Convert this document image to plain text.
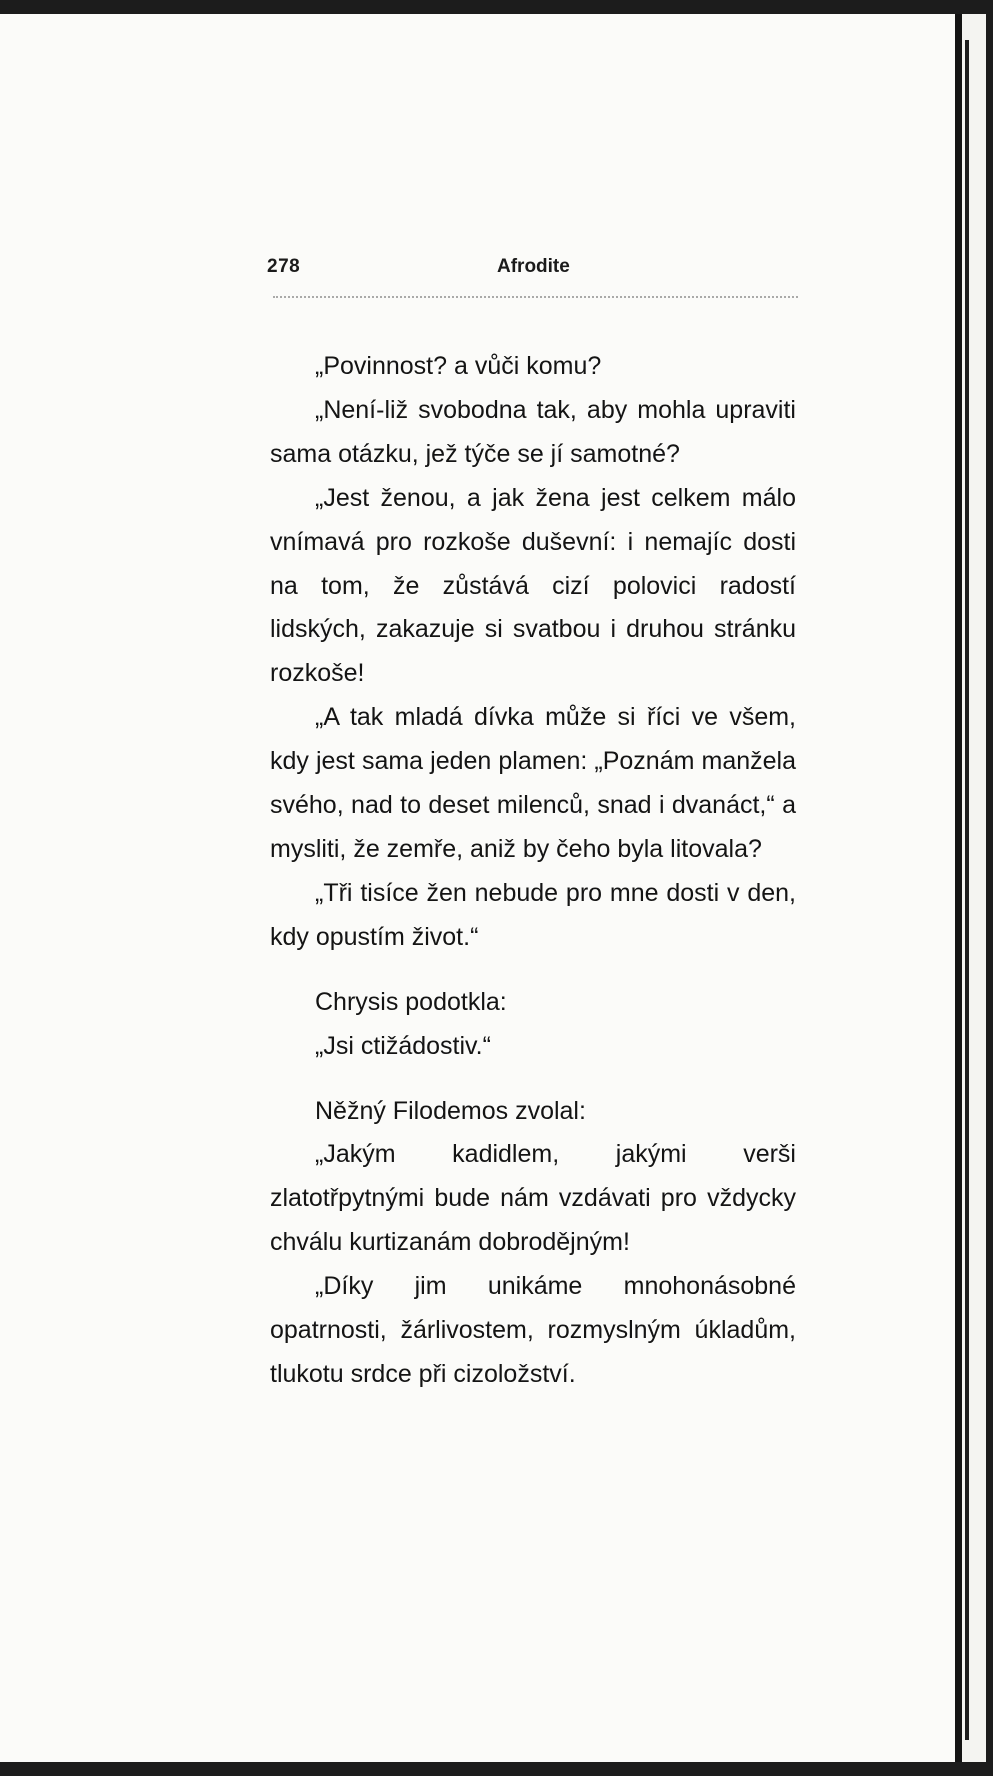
278	Afrodite

„Povinnost? a vůči komu?

„Není-liž svobodna tak, aby mohla upraviti sama otázku, jež týče se jí samotné?

„Jest ženou, a jak žena jest celkem málo vnímavá pro rozkoše duševní: i nemajíc dosti na tom, že zůstává cizí polovici radostí lidských, zakazuje si svatbou i druhou stránku rozkoše!

„A tak mladá dívka může si říci ve všem, kdy jest sama jeden plamen: „Poznám manžela svého, nad to deset milenců, snad i dvanáct,“ a mysliti, že zemře, aniž by čeho byla litovala?

„Tři tisíce žen nebude pro mne dosti v den, kdy opustím život.“

Chrysis podotkla:

„Jsi ctižádostiv.“

Něžný Filodemos zvolal:

„Jakým kadidlem, jakými verši zlatotřpytnými bude nám vzdávati pro vždycky chválu kurtizanám dobrodějným!

„Díky jim unikáme mnohonásobné opatrnosti, žárlivostem, rozmyslným úkladům, tlukotu srdce při cizoložství.
